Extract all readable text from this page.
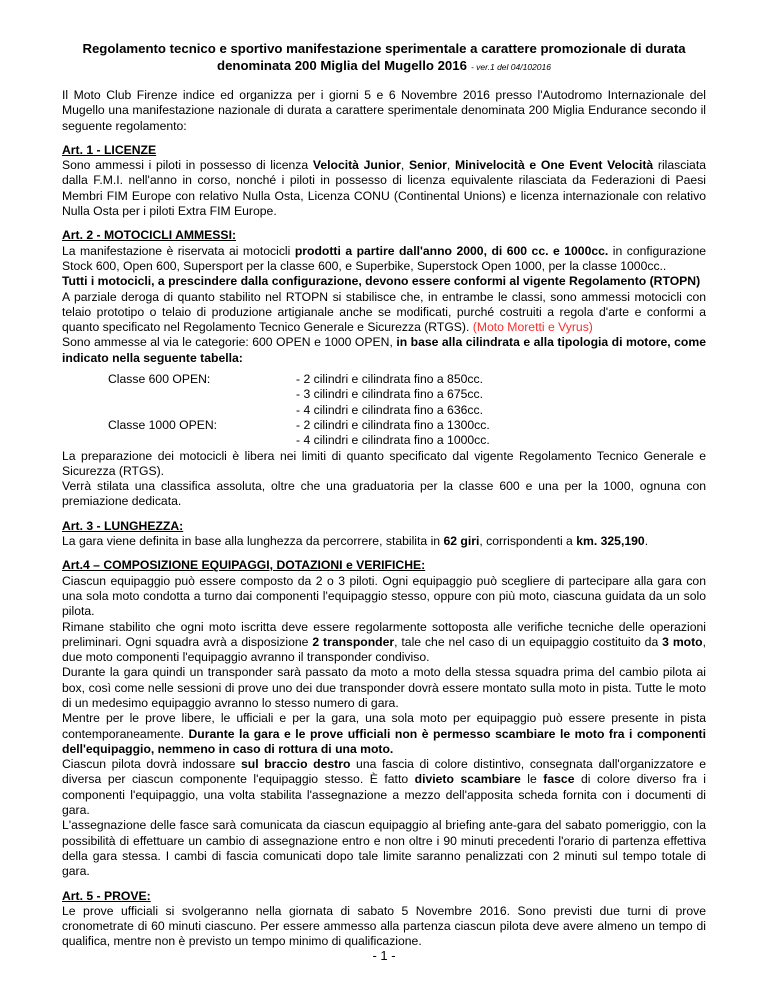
Regolamento tecnico e sportivo manifestazione sperimentale a carattere promozionale di durata
denominata 200 Miglia del Mugello 2016 - ver.1 del 04/102016

Il Moto Club Firenze indice ed organizza per i giorni 5 e 6 Novembre 2016 presso l'Autodromo Internazionale del Mugello una manifestazione nazionale di durata a carattere sperimentale denominata 200 Miglia Endurance secondo il seguente regolamento:

Art. 1 - LICENZE

Sono ammessi i piloti in possesso di licenza Velocità Junior, Senior, Minivelocità e One Event Velocità rilasciata dalla F.M.I. nell'anno in corso, nonché i piloti in possesso di licenza equivalente rilasciata da Federazioni di Paesi Membri FIM Europe con relativo Nulla Osta, Licenza CONU (Continental Unions) e licenza internazionale con relativo Nulla Osta per i piloti Extra FIM Europe.

Art. 2 - MOTOCICLI AMMESSI:

La manifestazione è riservata ai motocicli prodotti a partire dall'anno 2000, di 600 cc. e 1000cc. in configurazione Stock 600, Open 600, Supersport per la classe 600, e Superbike, Superstock Open 1000, per la classe 1000cc..

Tutti i motocicli, a prescindere dalla configurazione, devono essere conformi al vigente Regolamento (RTOPN)

A parziale deroga di quanto stabilito nel RTOPN si stabilisce che, in entrambe le classi, sono ammessi motocicli con telaio prototipo o telaio di produzione artigianale anche se modificati, purché costruiti a regola d'arte e conformi a quanto specificato nel Regolamento Tecnico Generale e Sicurezza (RTGS). (Moto Moretti e Vyrus)

Sono ammesse al via le categorie: 600 OPEN e 1000 OPEN, in base alla cilindrata e alla tipologia di motore, come indicato nella seguente tabella:

Classe 600 OPEN:	- 2 cilindri e cilindrata fino a 850cc.
- 3 cilindri e cilindrata fino a 675cc.
- 4 cilindri e cilindrata fino a 636cc.
Classe 1000 OPEN:	- 2 cilindri e cilindrata fino a 1300cc.
- 4 cilindri e cilindrata fino a 1000cc.

La preparazione dei motocicli è libera nei limiti di quanto specificato dal vigente Regolamento Tecnico Generale e Sicurezza (RTGS).

Verrà stilata una classifica assoluta, oltre che una graduatoria per la classe 600 e una per la 1000, ognuna con premiazione dedicata.

Art. 3 - LUNGHEZZA:

La gara viene definita in base alla lunghezza da percorrere, stabilita in 62 giri, corrispondenti a km. 325,190.

Art.4 – COMPOSIZIONE EQUIPAGGI, DOTAZIONI e VERIFICHE:

Ciascun equipaggio può essere composto da 2 o 3 piloti. Ogni equipaggio può scegliere di partecipare alla gara con una sola moto condotta a turno dai componenti l'equipaggio stesso, oppure con più moto, ciascuna guidata da un solo pilota.

Rimane stabilito che ogni moto iscritta deve essere regolarmente sottoposta alle verifiche tecniche delle operazioni preliminari. Ogni squadra avrà a disposizione 2 transponder, tale che nel caso di un equipaggio costituito da 3 moto, due moto componenti l'equipaggio avranno il transponder condiviso.

Durante la gara quindi un transponder sarà passato da moto a moto della stessa squadra prima del cambio pilota ai box, così come nelle sessioni di prove uno dei due transponder dovrà essere montato sulla moto in pista. Tutte le moto di un medesimo equipaggio avranno lo stesso numero di gara.

Mentre per le prove libere, le ufficiali e per la gara, una sola moto per equipaggio può essere presente in pista contemporaneamente. Durante la gara e le prove ufficiali non è permesso scambiare le moto fra i componenti dell'equipaggio, nemmeno in caso di rottura di una moto.

Ciascun pilota dovrà indossare sul braccio destro una fascia di colore distintivo, consegnata dall'organizzatore e diversa per ciascun componente l'equipaggio stesso. È fatto divieto scambiare le fasce di colore diverso fra i componenti l'equipaggio, una volta stabilita l'assegnazione a mezzo dell'apposita scheda fornita con i documenti di gara.

L'assegnazione delle fasce sarà comunicata da ciascun equipaggio al briefing ante-gara del sabato pomeriggio, con la possibilità di effettuare un cambio di assegnazione entro e non oltre i 90 minuti precedenti l'orario di partenza effettiva della gara stessa. I cambi di fascia comunicati dopo tale limite saranno penalizzati con 2 minuti sul tempo totale di gara.

Art. 5 - PROVE:

Le prove ufficiali si svolgeranno nella giornata di sabato 5 Novembre 2016. Sono previsti due turni di prove cronometrate di 60 minuti ciascuno. Per essere ammesso alla partenza ciascun pilota deve avere almeno un tempo di qualifica, mentre non è previsto un tempo minimo di qualificazione.

- 1 -
